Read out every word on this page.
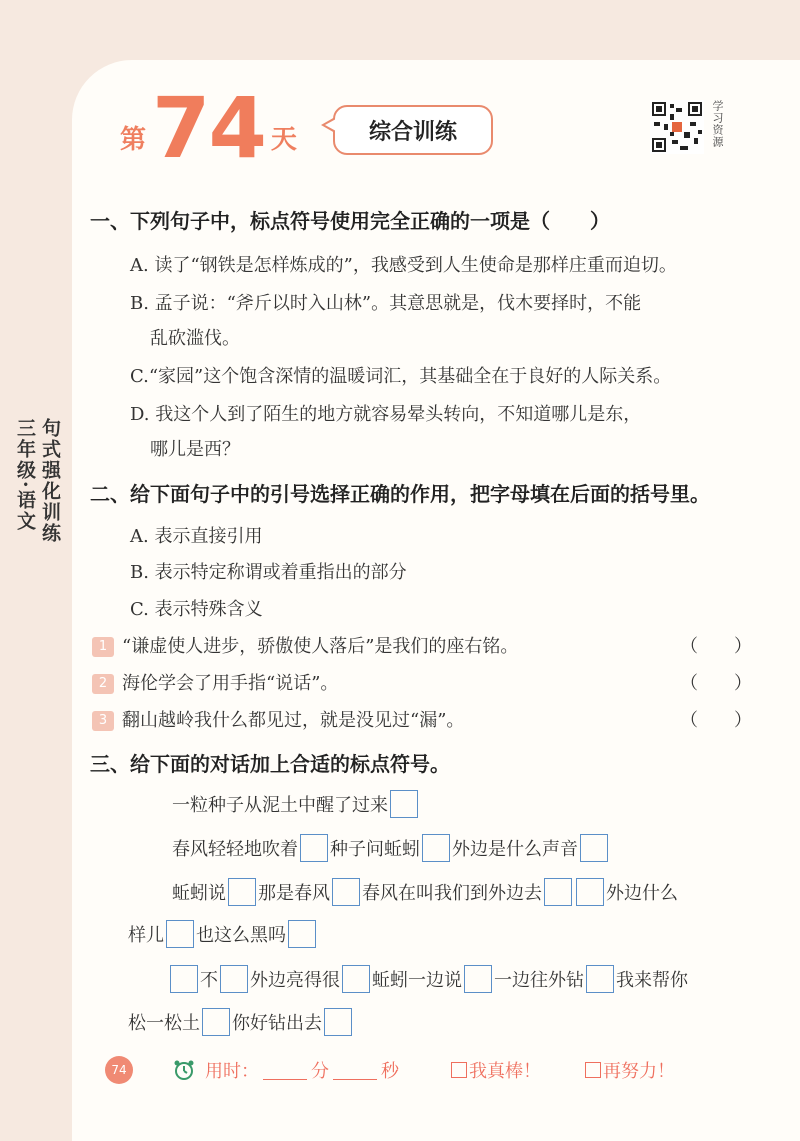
第 74 天	综合训练	学习资源
句式强化训练
三年级·语文
一、下列句子中，标点符号使用完全正确的一项是（　　）
A. 读了“钢铁是怎样炼成的”，我感受到人生使命是那样庄重而迫切。
B. 孟子说：“斧斤以时入山林”。其意思就是，伐木要择时，不能
乱砍滥伐。
C.“家园”这个饱含深情的温暖词汇，其基础全在于良好的人际关系。
D. 我这个人到了陌生的地方就容易晕头转向，不知道哪儿是东，
哪儿是西？
二、给下面句子中的引号选择正确的作用，把字母填在后面的括号里。
A. 表示直接引用
B. 表示特定称谓或着重指出的部分
C. 表示特殊含义
1 “谦虚使人进步，骄傲使人落后”是我们的座右铭。	（　　）
2 海伦学会了用手指“说话”。	（　　）
3 翻山越岭我什么都见过，就是没见过“漏”。	（　　）
三、给下面的对话加上合适的标点符号。
一粒种子从泥土中醒了过来
春风轻轻地吹着 种子问蚯蚓 外边是什么声音
蚯蚓说 那是春风 春风在叫我们到外边去	外边什么
样儿 也这么黑吗
不 外边亮得很 蚯蚓一边说 一边往外钻 我来帮你
松一松土 你好钻出去
74	用时：	分	秒	我真棒！	再努力！
